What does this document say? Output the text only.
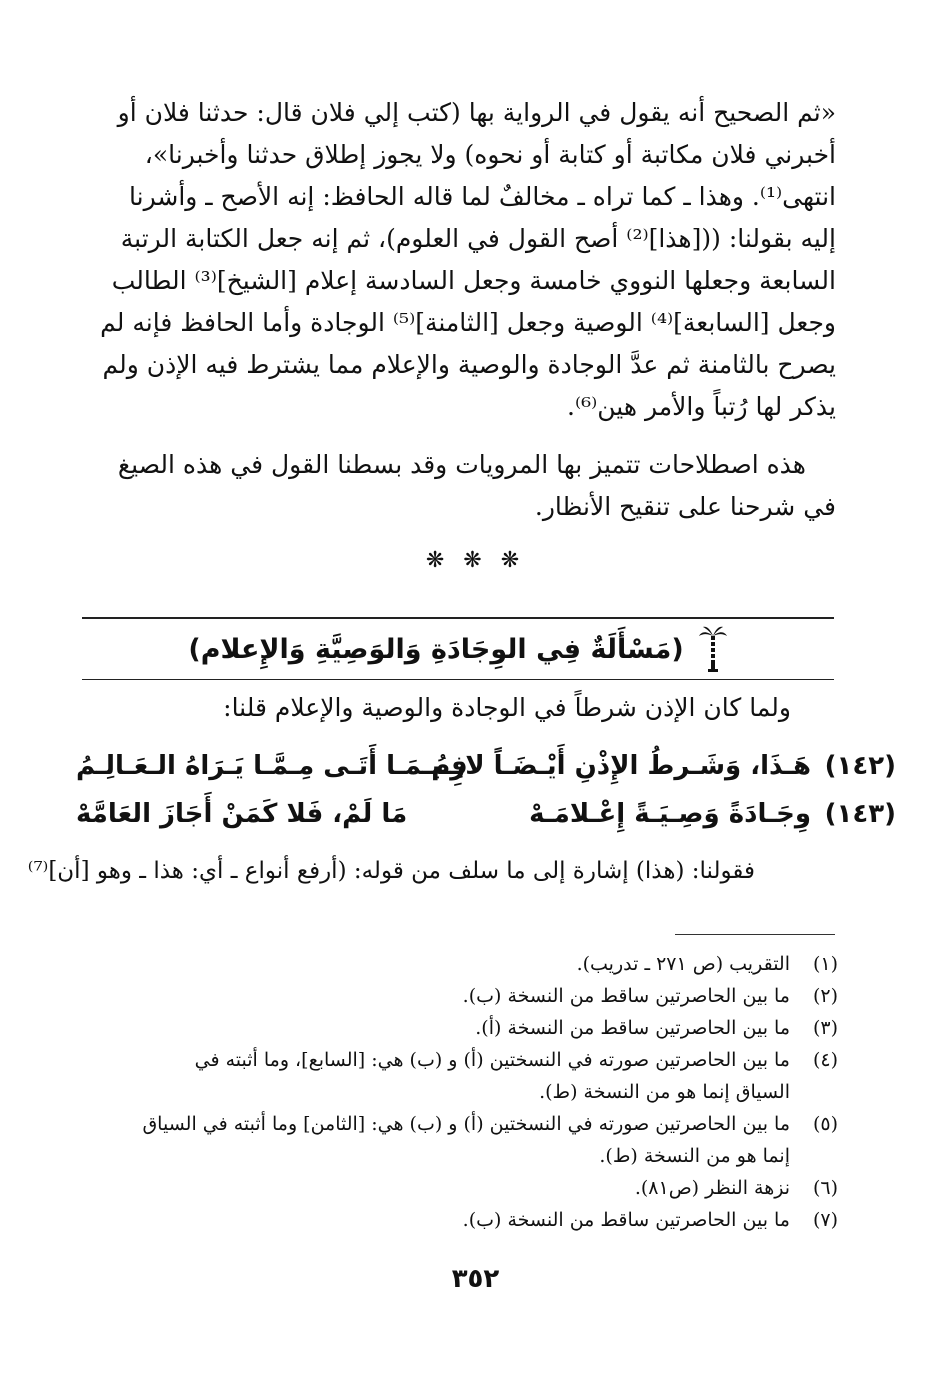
«ثم الصحيح أنه يقول في الرواية بها (كتب إلي فلان قال: حدثنا فلان أو
أخبرني فلان مكاتبة أو كتابة أو نحوه) ولا يجوز إطلاق حدثنا وأخبرنا»،
انتهى⁽¹⁾. وهذا ـ كما تراه ـ مخالفٌ لما قاله الحافظ: إنه الأصح ـ وأشرنا
إليه بقولنا: (([هذا]⁽²⁾ أصح القول في العلوم)، ثم إنه جعل الكتابة الرتبة
السابعة وجعلها النووي خامسة وجعل السادسة إعلام [الشيخ]⁽³⁾ الطالب
وجعل [السابعة]⁽⁴⁾ الوصية وجعل [الثامنة]⁽⁵⁾ الوجادة وأما الحافظ فإنه لم
يصرح بالثامنة ثم عدَّ الوجادة والوصية والإعلام مما يشترط فيه الإذن ولم
يذكر لها رُتباً والأمر هين⁽⁶⁾.
هذه اصطلاحات تتميز بها المرويات وقد بسطنا القول في هذه الصيغ
في شرحنا على تنقيح الأنظار.
❋ ❋ ❋
(مَسْأَلَةٌ فِي الوِجَادَةِ وَالوَصِيَّةِ وَالإِعلام)
ولما كان الإذن شرطاً في الوجادة والوصية والإعلام قلنا:
(١٤٢)
هَـذَا، وَشَـرطُ الإِذْنِ أَيْـضَـاً لازِمُ
فِـيـمَـا أَتَـى مِـمَّـا يَـرَاهُ الـعَـالِـمُ
(١٤٣)
وِجَـادَةً وَصِـيَـةً إِعْـلامَـهْ
مَا لَمْ، فَلا كَمَنْ أَجَازَ العَامَّهْ
فقولنا: (هذا) إشارة إلى ما سلف من قوله: (أرفع أنواع ـ أي: هذا ـ وهو [أن]⁽⁷⁾
(١)
التقريب (ص ٢٧١ ـ تدريب).
(٢)
ما بين الحاصرتين ساقط من النسخة (ب).
(٣)
ما بين الحاصرتين ساقط من النسخة (أ).
(٤)
ما بين الحاصرتين صورته في النسختين (أ) و (ب) هي: [السابع]، وما أثبته في
السياق إنما هو من النسخة (ط).
(٥)
ما بين الحاصرتين صورته في النسختين (أ) و (ب) هي: [الثامن] وما أثبته في السياق
إنما هو من النسخة (ط).
(٦)
نزهة النظر (ص٨١).
(٧)
ما بين الحاصرتين ساقط من النسخة (ب).
٣٥٢
